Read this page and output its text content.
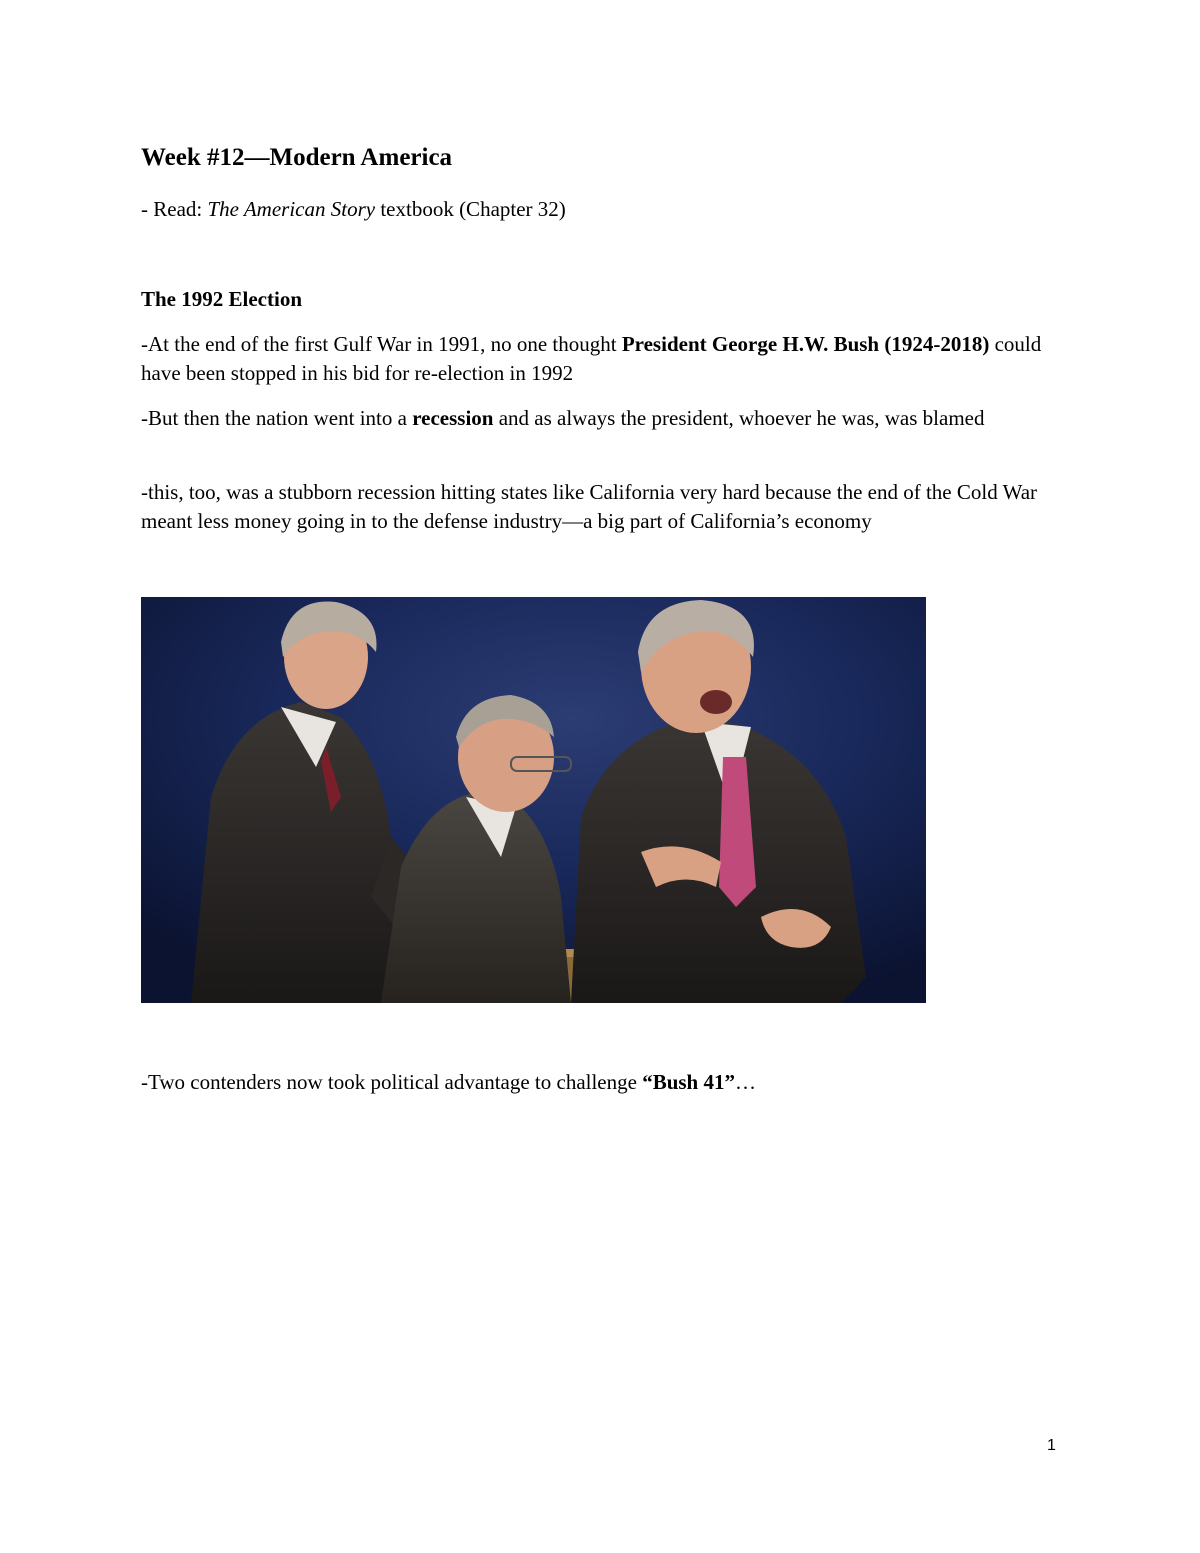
Week #12—Modern America

- Read: The American Story textbook (Chapter 32)

The 1992 Election

-At the end of the first Gulf War in 1991, no one thought President George H.W. Bush (1924-2018) could have been stopped in his bid for re-election in 1992

-But then the nation went into a recession and as always the president, whoever he was, was blamed

-this, too, was a stubborn recession hitting states like California very hard because the end of the Cold War meant less money going in to the defense industry—a big part of California’s economy

-Two contenders now took political advantage to challenge “Bush 41”…

1
